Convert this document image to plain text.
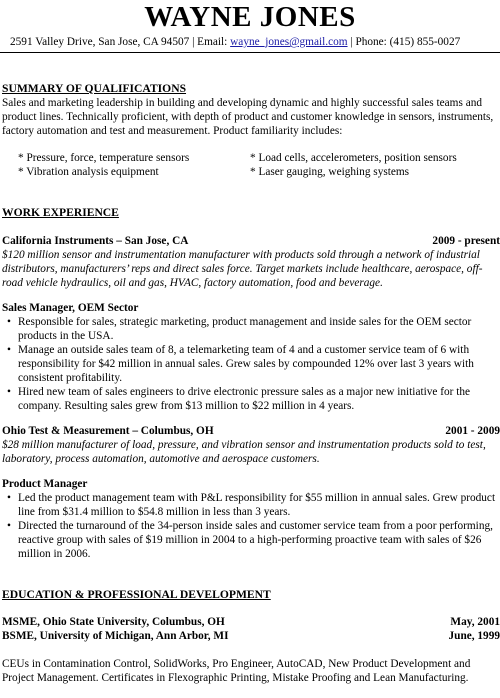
WAYNE JONES
2591 Valley Drive, San Jose, CA 94507 | Email: wayne_jones@gmail.com | Phone: (415) 855-0027
SUMMARY OF QUALIFICATIONS
Sales and marketing leadership in building and developing dynamic and highly successful sales teams and product lines. Technically proficient, with depth of product and customer knowledge in sensors, instruments, factory automation and test and measurement. Product familiarity includes:
* Pressure, force, temperature sensors
* Vibration analysis equipment
* Load cells, accelerometers, position sensors
* Laser gauging, weighing systems
WORK EXPERIENCE
California Instruments – San Jose, CA	2009 - present
$120 million sensor and instrumentation manufacturer with products sold through a network of industrial distributors, manufacturers’ reps and direct sales force. Target markets include healthcare, aerospace, off-road vehicle hydraulics, oil and gas, HVAC, factory automation, food and beverage.
Sales Manager, OEM Sector
• Responsible for sales, strategic marketing, product management and inside sales for the OEM sector products in the USA.
• Manage an outside sales team of 8, a telemarketing team of 4 and a customer service team of 6 with responsibility for $42 million in annual sales. Grew sales by compounded 12% over last 3 years with consistent profitability.
• Hired new team of sales engineers to drive electronic pressure sales as a major new initiative for the company. Resulting sales grew from $13 million to $22 million in 4 years.
Ohio Test & Measurement – Columbus, OH	2001 - 2009
$28 million manufacturer of load, pressure, and vibration sensor and instrumentation products sold to test, laboratory, process automation, automotive and aerospace customers.
Product Manager
• Led the product management team with P&L responsibility for $55 million in annual sales. Grew product line from $31.4 million to $54.8 million in less than 3 years.
• Directed the turnaround of the 34-person inside sales and customer service team from a poor performing, reactive group with sales of $19 million in 2004 to a high-performing proactive team with sales of $26 million in 2006.
EDUCATION & PROFESSIONAL DEVELOPMENT
MSME, Ohio State University, Columbus, OH	May, 2001
BSME, University of Michigan, Ann Arbor, MI	June, 1999
CEUs in Contamination Control, SolidWorks, Pro Engineer, AutoCAD, New Product Development and Project Management. Certificates in Flexographic Printing, Mistake Proofing and Lean Manufacturing.
